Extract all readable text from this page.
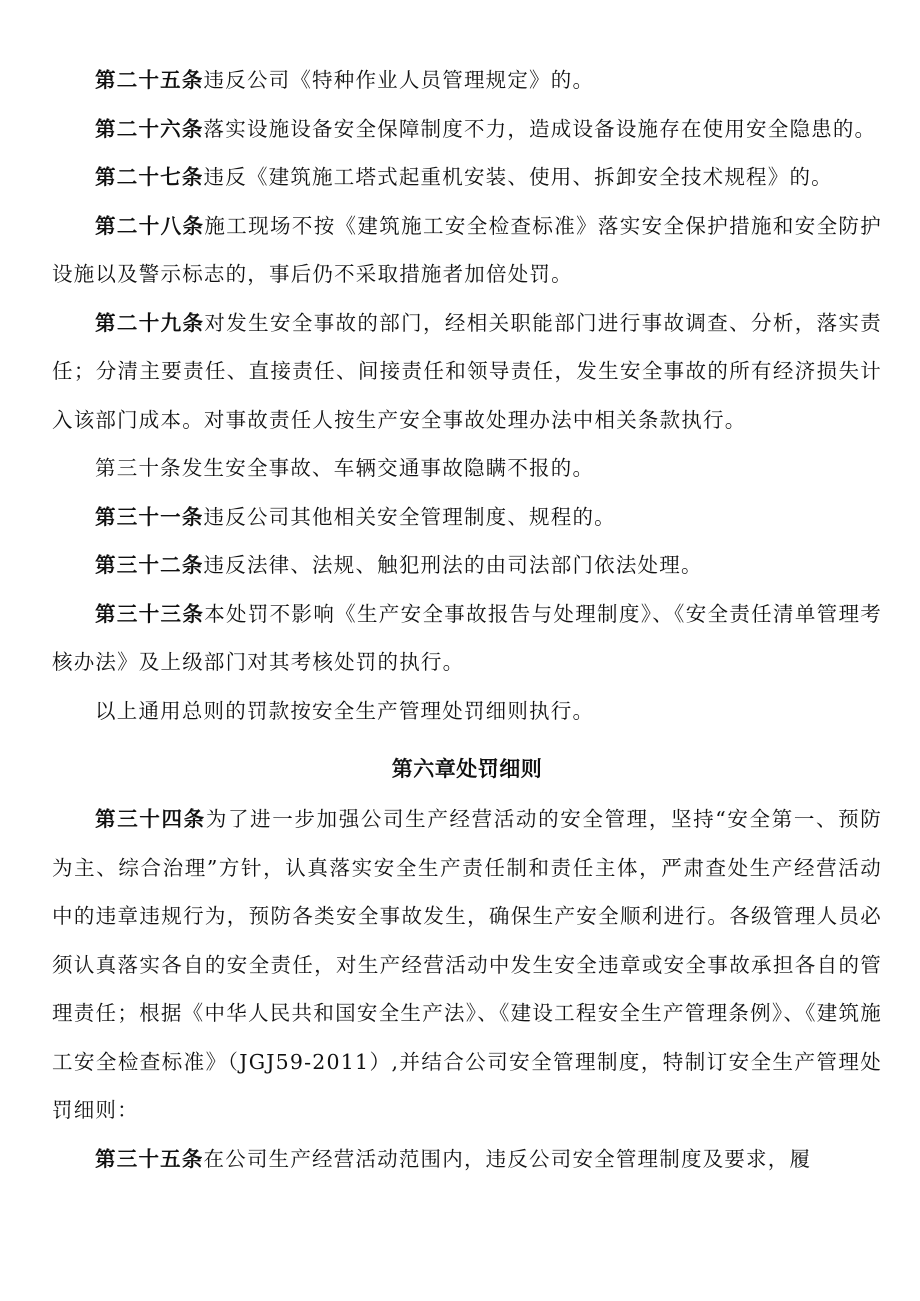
第二十五条违反公司《特种作业人员管理规定》的。

第二十六条落实设施设备安全保障制度不力，造成设备设施存在使用安全隐患的。

第二十七条违反《建筑施工塔式起重机安装、使用、拆卸安全技术规程》的。

第二十八条施工现场不按《建筑施工安全检查标准》落实安全保护措施和安全防护设施以及警示标志的，事后仍不采取措施者加倍处罚。

第二十九条对发生安全事故的部门，经相关职能部门进行事故调查、分析，落实责任；分清主要责任、直接责任、间接责任和领导责任，发生安全事故的所有经济损失计入该部门成本。对事故责任人按生产安全事故处理办法中相关条款执行。

第三十条发生安全事故、车辆交通事故隐瞒不报的。

第三十一条违反公司其他相关安全管理制度、规程的。

第三十二条违反法律、法规、触犯刑法的由司法部门依法处理。

第三十三条本处罚不影响《生产安全事故报告与处理制度》、《安全责任清单管理考核办法》及上级部门对其考核处罚的执行。

以上通用总则的罚款按安全生产管理处罚细则执行。

第六章处罚细则

第三十四条为了进一步加强公司生产经营活动的安全管理，坚持“安全第一、预防为主、综合治理”方针，认真落实安全生产责任制和责任主体，严肃查处生产经营活动中的违章违规行为，预防各类安全事故发生，确保生产安全顺利进行。各级管理人员必须认真落实各自的安全责任，对生产经营活动中发生安全违章或安全事故承担各自的管理责任；根据《中华人民共和国安全生产法》、《建设工程安全生产管理条例》、《建筑施工安全检查标准》（JGJ59-2011）,并结合公司安全管理制度，特制订安全生产管理处罚细则：

第三十五条在公司生产经营活动范围内，违反公司安全管理制度及要求，履
